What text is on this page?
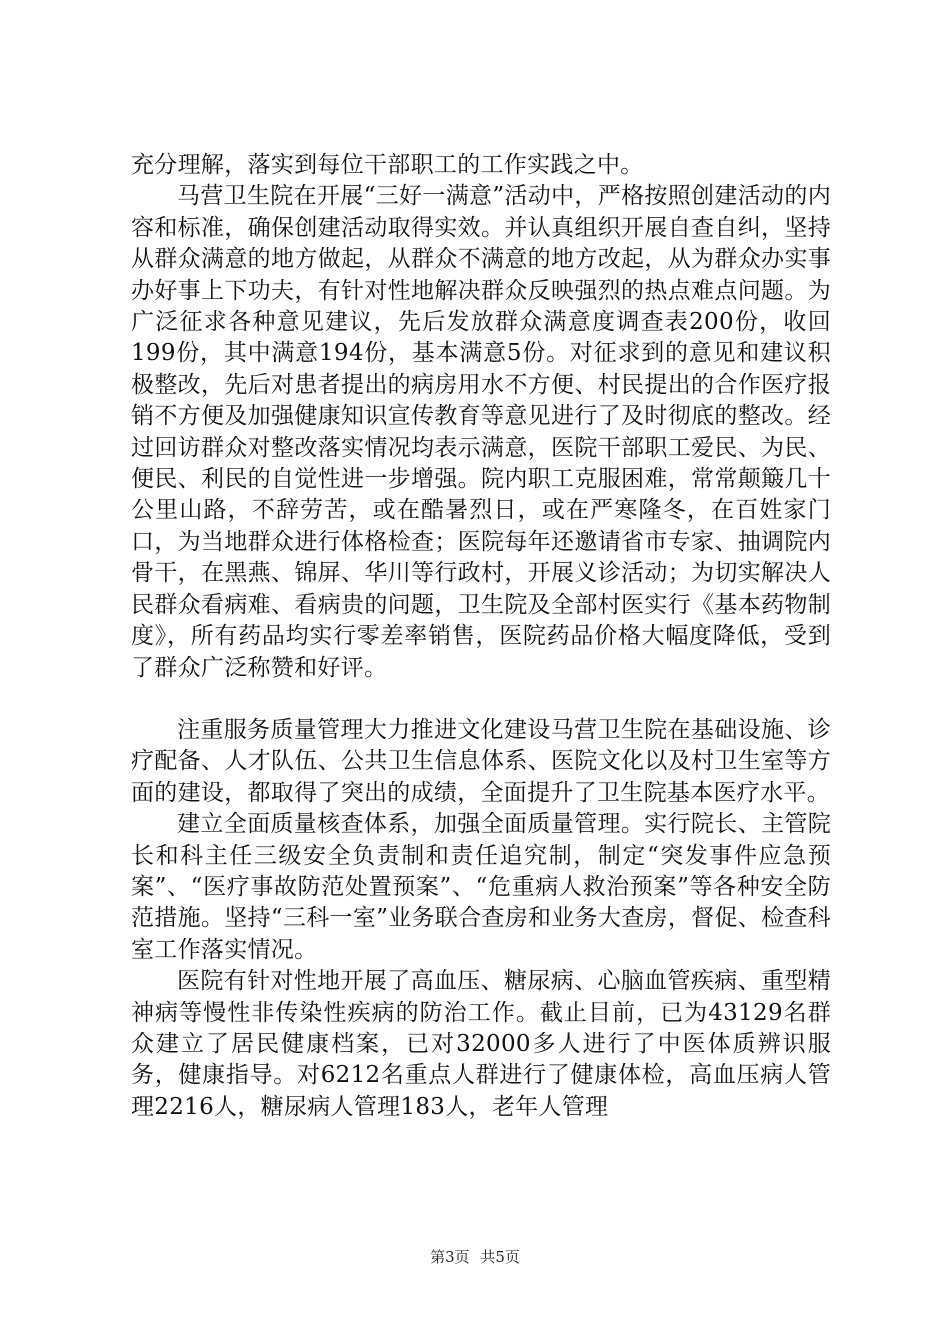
充分理解，落实到每位干部职工的工作实践之中。

马营卫生院在开展“三好一满意”活动中，严格按照创建活动的内容和标准，确保创建活动取得实效。并认真组织开展自查自纠，坚持从群众满意的地方做起，从群众不满意的地方改起，从为群众办实事办好事上下功夫，有针对性地解决群众反映强烈的热点难点问题。为广泛征求各种意见建议，先后发放群众满意度调查表200份，收回199份，其中满意194份，基本满意5份。对征求到的意见和建议积极整改，先后对患者提出的病房用水不方便、村民提出的合作医疗报销不方便及加强健康知识宣传教育等意见进行了及时彻底的整改。经过回访群众对整改落实情况均表示满意，医院干部职工爱民、为民、便民、利民的自觉性进一步增强。院内职工克服困难，常常颠簸几十公里山路，不辞劳苦，或在酷暑烈日，或在严寒隆冬，在百姓家门口，为当地群众进行体格检查；医院每年还邀请省市专家、抽调院内骨干，在黑燕、锦屏、华川等行政村，开展义诊活动；为切实解决人民群众看病难、看病贵的问题，卫生院及全部村医实行《基本药物制度》，所有药品均实行零差率销售，医院药品价格大幅度降低，受到了群众广泛称赞和好评。

注重服务质量管理大力推进文化建设马营卫生院在基础设施、诊疗配备、人才队伍、公共卫生信息体系、医院文化以及村卫生室等方面的建设，都取得了突出的成绩，全面提升了卫生院基本医疗水平。

建立全面质量核查体系，加强全面质量管理。实行院长、主管院长和科主任三级安全负责制和责任追究制，制定“突发事件应急预案”、“医疗事故防范处置预案”、“危重病人救治预案”等各种安全防范措施。坚持“三科一室”业务联合查房和业务大查房，督促、检查科室工作落实情况。

医院有针对性地开展了高血压、糖尿病、心脑血管疾病、重型精神病等慢性非传染性疾病的防治工作。截止目前，已为43129名群众建立了居民健康档案，已对32000多人进行了中医体质辨识服务，健康指导。对6212名重点人群进行了健康体检，高血压病人管理2216人，糖尿病人管理183人，老年人管理

第3页 共5页
